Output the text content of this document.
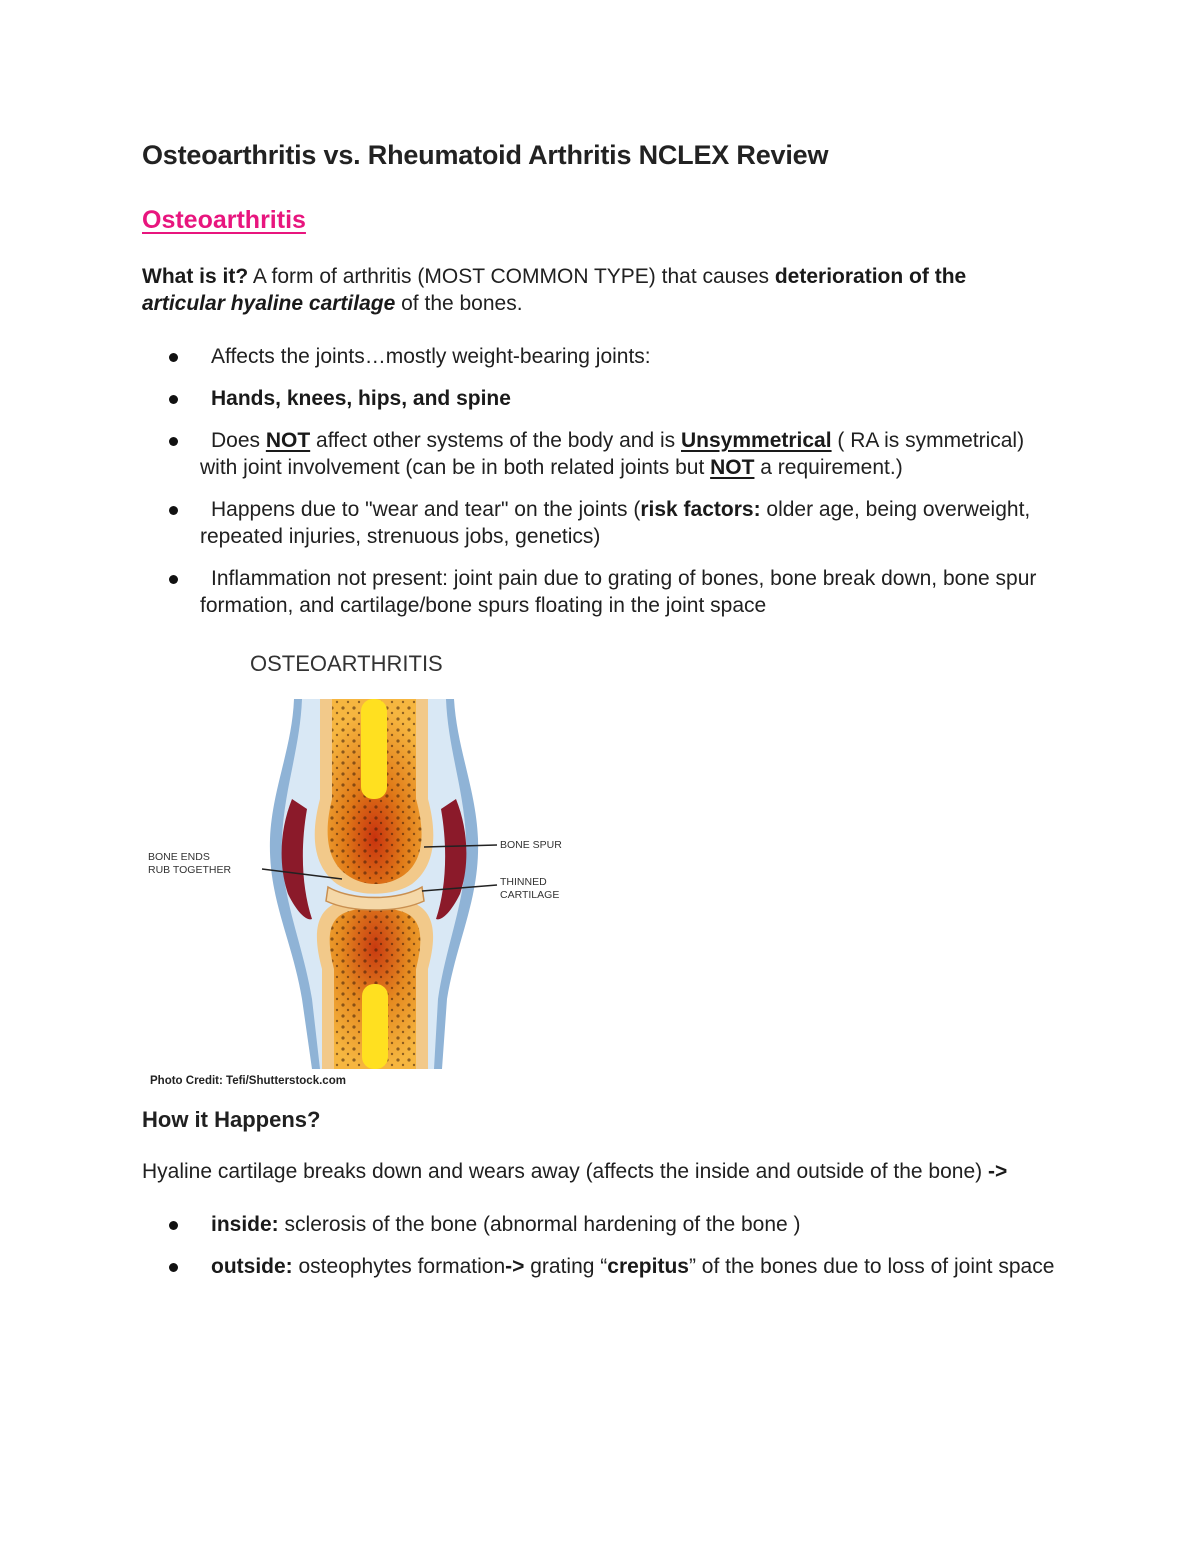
Osteoarthritis vs. Rheumatoid Arthritis NCLEX Review
Osteoarthritis

What is it? A form of arthritis (MOST COMMON TYPE) that causes deterioration of the articular hyaline cartilage of the bones.

Affects the joints…mostly weight-bearing joints:
Hands, knees, hips, and spine
Does NOT affect other systems of the body and is Unsymmetrical ( RA is symmetrical) with joint involvement (can be in both related joints but NOT a requirement.)
Happens due to "wear and tear" on the joints (risk factors: older age, being overweight, repeated injuries, strenuous jobs, genetics)
Inflammation not present: joint pain due to grating of bones, bone break down, bone spur formation, and cartilage/bone spurs floating in the joint space
OSTEOARTHRITIS
BONE ENDS
RUB TOGETHER
BONE SPUR
THINNED
CARTILAGE
Photo Credit: Tefi/Shutterstock.com
How it Happens?

Hyaline cartilage breaks down and wears away (affects the inside and outside of the bone) ->

inside: sclerosis of the bone (abnormal hardening of the bone )
outside: osteophytes formation-> grating “crepitus” of the bones due to loss of joint space
